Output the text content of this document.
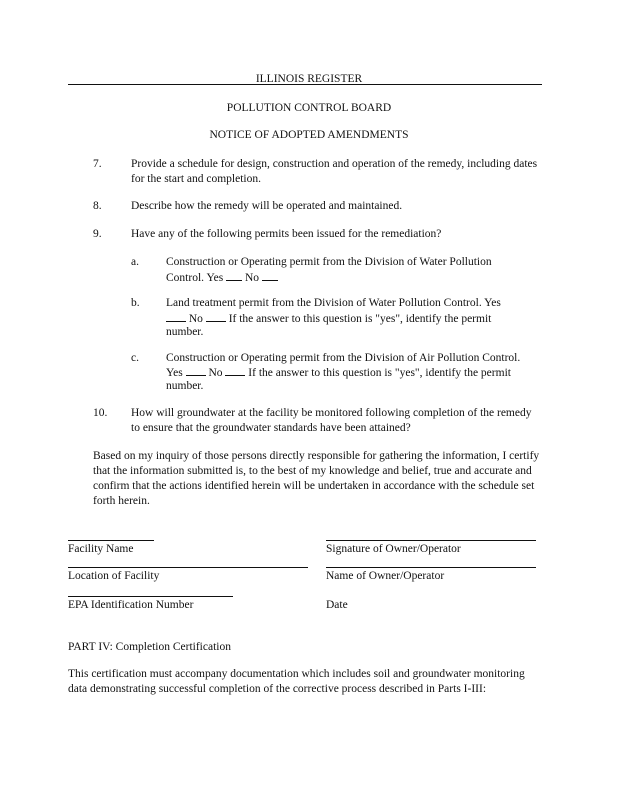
ILLINOIS REGISTER
POLLUTION CONTROL BOARD
NOTICE OF ADOPTED AMENDMENTS
7.	Provide a schedule for design, construction and operation of the remedy, including dates for the start and completion.
8.	Describe how the remedy will be operated and maintained.
9.	Have any of the following permits been issued for the remediation?
a. Construction or Operating permit from the Division of Water Pollution
Control. Yes No
b. Land treatment permit from the Division of Water Pollution Control. Yes
No If the answer to this question is "yes", identify the permit
number.
c. Construction or Operating permit from the Division of Air Pollution Control.
Yes No If the answer to this question is "yes", identify the permit
number.
10. How will groundwater at the facility be monitored following completion of the remedy to ensure that the groundwater standards have been attained?
Based on my inquiry of those persons directly responsible for gathering the information, I certify that the information submitted is, to the best of my knowledge and belief, true and accurate and confirm that the actions identified herein will be undertaken in accordance with the schedule set forth herein.
Facility Name	Signature of Owner/Operator
Location of Facility	Name of Owner/Operator
EPA Identification Number	Date
PART IV: Completion Certification
This certification must accompany documentation which includes soil and groundwater monitoring data demonstrating successful completion of the corrective process described in Parts I-III:
